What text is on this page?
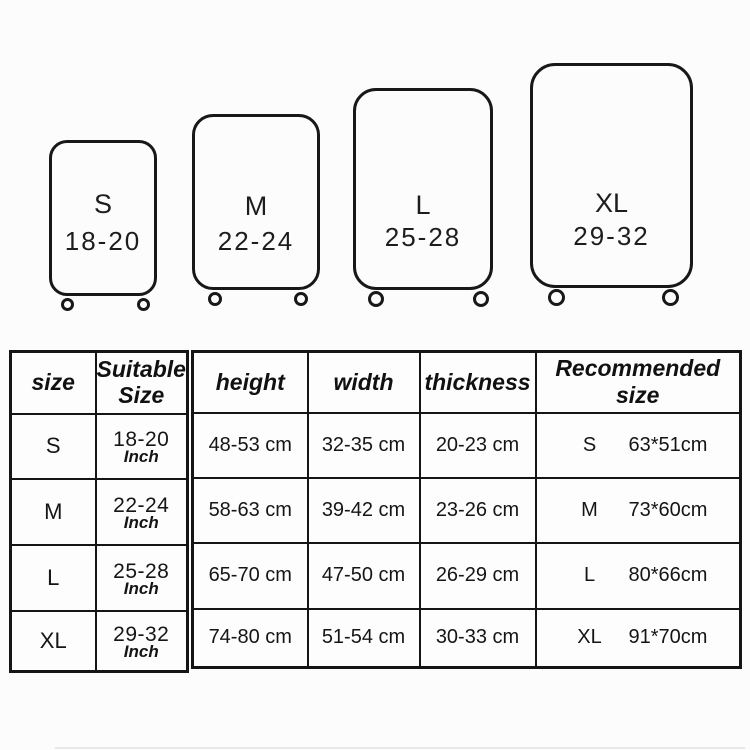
S
18-20
M
22-24
L
25-28
XL
29-32
size	Suitable Size
S	18-20
Inch

M	22-24
Inch

L	25-28
Inch

XL	29-32
Inch
height	width	thickness	Recommended size
48-53 cm	32-35 cm	20-23 cm	S 63*51cm

58-63 cm	39-42 cm	23-26 cm	M 73*60cm

65-70 cm	47-50 cm	26-29 cm	L 80*66cm

74-80 cm	51-54 cm	30-33 cm	XL 91*70cm
